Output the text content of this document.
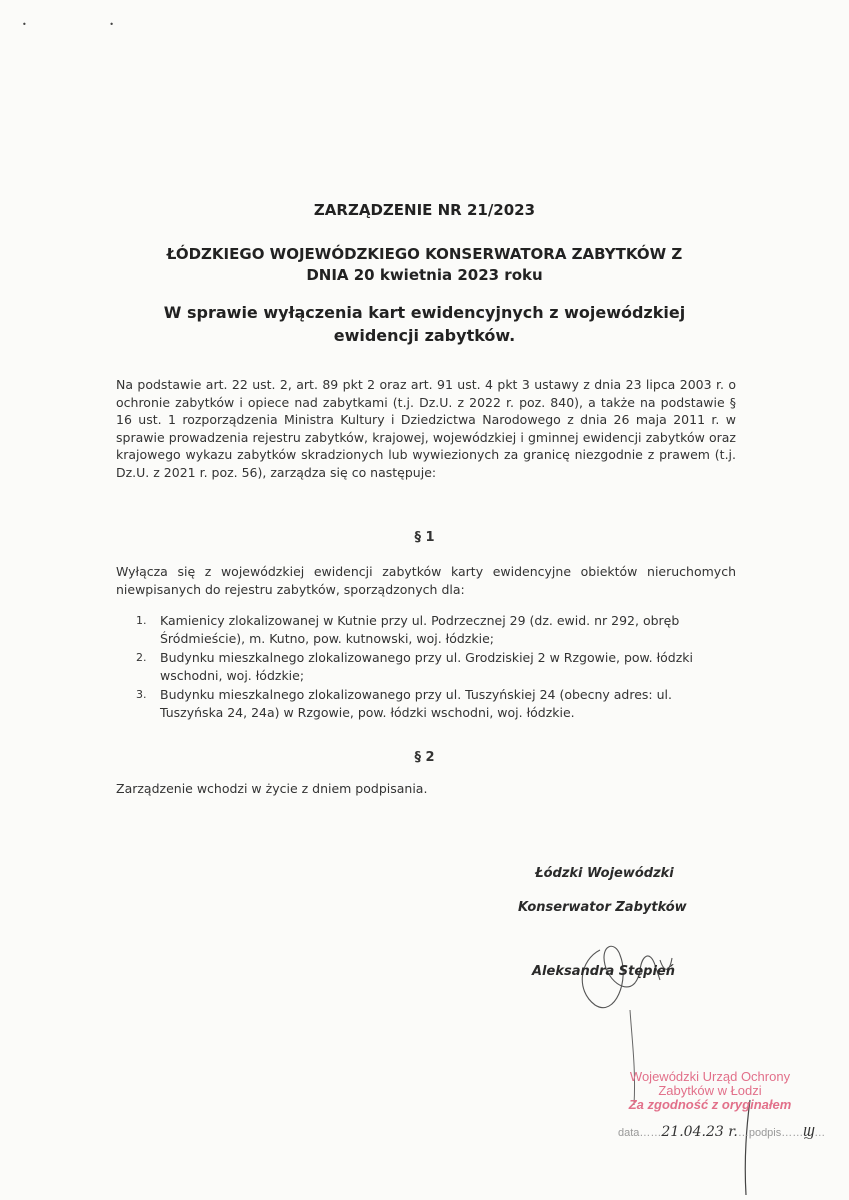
• •
ZARZĄDZENIE NR 21/2023
ŁÓDZKIEGO WOJEWÓDZKIEGO KONSERWATORA ZABYTKÓW Z
DNIA 20 kwietnia 2023 roku
W sprawie wyłączenia kart ewidencyjnych z wojewódzkiej
ewidencji zabytków.
Na podstawie art. 22 ust. 2, art. 89 pkt 2 oraz art. 91 ust. 4 pkt 3 ustawy z dnia 23 lipca 2003 r. o ochronie zabytków i opiece nad zabytkami (t.j. Dz.U. z 2022 r. poz. 840), a także na podstawie § 16 ust. 1 rozporządzenia Ministra Kultury i Dziedzictwa Narodowego z dnia 26 maja 2011 r. w sprawie prowadzenia rejestru zabytków, krajowej, wojewódzkiej i gminnej ewidencji zabytków oraz krajowego wykazu zabytków skradzionych lub wywiezionych za granicę niezgodnie z prawem (t.j. Dz.U. z 2021 r. poz. 56), zarządza się co następuje:
§ 1
Wyłącza się z wojewódzkiej ewidencji zabytków karty ewidencyjne obiektów nieruchomych niewpisanych do rejestru zabytków, sporządzonych dla:
1. Kamienicy zlokalizowanej w Kutnie przy ul. Podrzecznej 29 (dz. ewid. nr 292, obręb Śródmieście), m. Kutno, pow. kutnowski, woj. łódzkie;
2. Budynku mieszkalnego zlokalizowanego przy ul. Grodziskiej 2 w Rzgowie, pow. łódzki wschodni, woj. łódzkie;
3. Budynku mieszkalnego zlokalizowanego przy ul. Tuszyńskiej 24 (obecny adres: ul. Tuszyńska 24, 24a) w Rzgowie, pow. łódzki wschodni, woj. łódzkie.
§ 2
Zarządzenie wchodzi w życie z dniem podpisania.
Łódzki Wojewódzki
Konserwator Zabytków
Aleksandra Stępień
Wojewódzki Urząd Ochrony
Zabytków w Łodzi
Za zgodność z oryginałem
data……21.04.23 r.…podpis……Ϣ…
